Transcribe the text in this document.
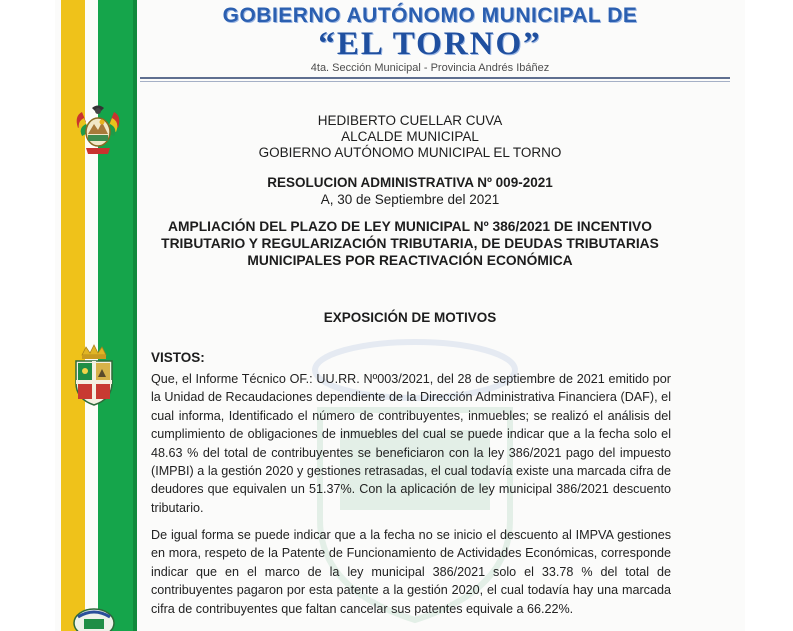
GOBIERNO AUTÓNOMO MUNICIPAL DE
“EL TORNO”
4ta. Sección Municipal - Provincia Andrés Ibáñez
HEDIBERTO CUELLAR CUVA
ALCALDE MUNICIPAL
GOBIERNO AUTÓNOMO MUNICIPAL EL TORNO
RESOLUCION ADMINISTRATIVA Nº 009-2021
A, 30 de Septiembre del 2021
AMPLIACIÓN DEL PLAZO DE LEY MUNICIPAL Nº 386/2021 DE INCENTIVO
TRIBUTARIO Y REGULARIZACIÓN TRIBUTARIA, DE DEUDAS TRIBUTARIAS
MUNICIPALES POR REACTIVACIÓN ECONÓMICA
EXPOSICIÓN DE MOTIVOS
VISTOS:
Que, el Informe Técnico OF.: UU.RR. Nº003/2021, del 28 de septiembre de 2021 emitido por la Unidad de Recaudaciones dependiente de la Dirección Administrativa Financiera (DAF), el cual informa, Identificado el número de contribuyentes, inmuebles; se realizó el análisis del cumplimiento de obligaciones de inmuebles del cual se puede indicar que a la fecha solo el 48.63 % del total de contribuyentes se beneficiaron con la ley 386/2021 pago del impuesto (IMPBI) a la gestión 2020 y gestiones retrasadas, el cual todavía existe una marcada cifra de deudores que equivalen un 51.37%. Con la aplicación de ley municipal 386/2021 descuento tributario.
De igual forma se puede indicar que a la fecha no se inicio el descuento al IMPVA gestiones en mora, respeto de la Patente de Funcionamiento de Actividades Económicas, corresponde indicar que en el marco de la ley municipal 386/2021 solo el 33.78 % del total de contribuyentes pagaron por esta patente a la gestión 2020, el cual todavía hay una marcada cifra de contribuyentes que faltan cancelar sus patentes equivale a 66.22%.
